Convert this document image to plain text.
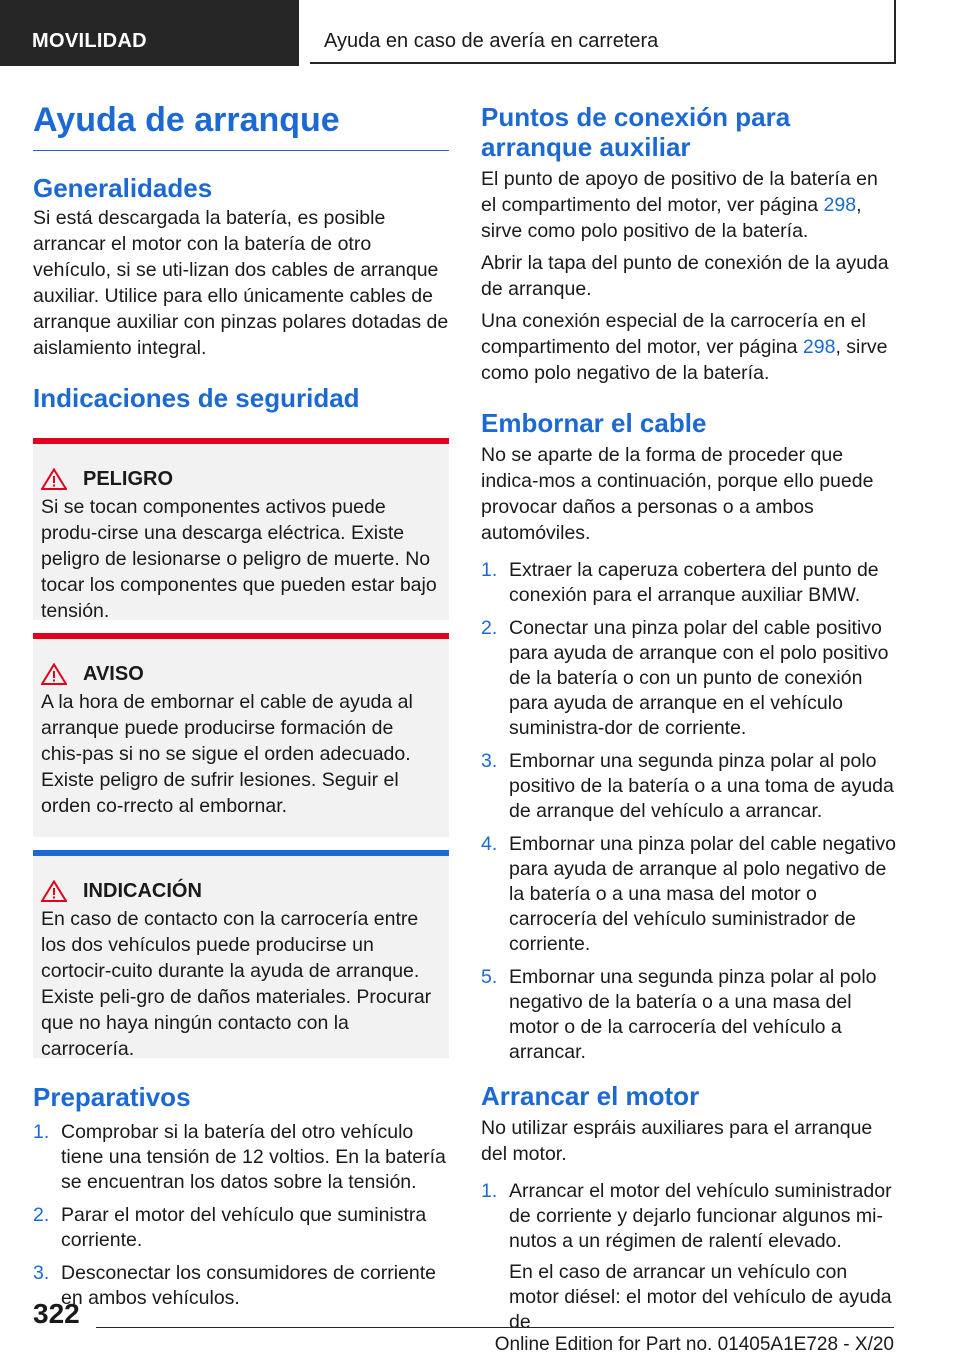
MOVILIDAD	Ayuda en caso de avería en carretera
Ayuda de arranque
Generalidades

Si está descargada la batería, es posible arrancar el motor con la batería de otro vehículo, si se uti‐lizan dos cables de arranque auxiliar. Utilice para ello únicamente cables de arranque auxiliar con pinzas polares dotadas de aislamiento integral.

Indicaciones de seguridad
PELIGRO

Si se tocan componentes activos puede produ‐cirse una descarga eléctrica. Existe peligro de lesionarse o peligro de muerte. No tocar los componentes que pueden estar bajo tensión.

AVISO

A la hora de embornar el cable de ayuda al arranque puede producirse formación de chis‐pas si no se sigue el orden adecuado. Existe peligro de sufrir lesiones. Seguir el orden co‐rrecto al embornar.

INDICACIÓN

En caso de contacto con la carrocería entre los dos vehículos puede producirse un cortocir‐cuito durante la ayuda de arranque. Existe peli‐gro de daños materiales. Procurar que no haya ningún contacto con la carrocería.

Preparativos
1. Comprobar si la batería del otro vehículo tiene una tensión de 12 voltios. En la batería se encuentran los datos sobre la tensión.
2. Parar el motor del vehículo que suministra corriente.
3. Desconectar los consumidores de corriente en ambos vehículos.
Puntos de conexión para arranque auxiliar

El punto de apoyo de positivo de la batería en el compartimento del motor, ver página 298, sirve como polo positivo de la batería.

Abrir la tapa del punto de conexión de la ayuda de arranque.

Una conexión especial de la carrocería en el compartimento del motor, ver página 298, sirve como polo negativo de la batería.

Embornar el cable

No se aparte de la forma de proceder que indica‐mos a continuación, porque ello puede provocar daños a personas o a ambos automóviles.

1. Extraer la caperuza cobertera del punto de conexión para el arranque auxiliar BMW.
2. Conectar una pinza polar del cable positivo para ayuda de arranque con el polo positivo de la batería o con un punto de conexión para ayuda de arranque en el vehículo suministra‐dor de corriente.
3. Embornar una segunda pinza polar al polo positivo de la batería o a una toma de ayuda de arranque del vehículo a arrancar.
4. Embornar una pinza polar del cable negativo para ayuda de arranque al polo negativo de la batería o a una masa del motor o carrocería del vehículo suministrador de corriente.
5. Embornar una segunda pinza polar al polo negativo de la batería o a una masa del motor o de la carrocería del vehículo a arrancar.
Arrancar el motor

No utilizar espráis auxiliares para el arranque del motor.

1. Arrancar el motor del vehículo suministrador de corriente y dejarlo funcionar algunos mi‐nutos a un régimen de ralentí elevado.
En el caso de arrancar un vehículo con motor diésel: el motor del vehículo de ayuda de
322
Online Edition for Part no. 01405A1E728 - X/20
